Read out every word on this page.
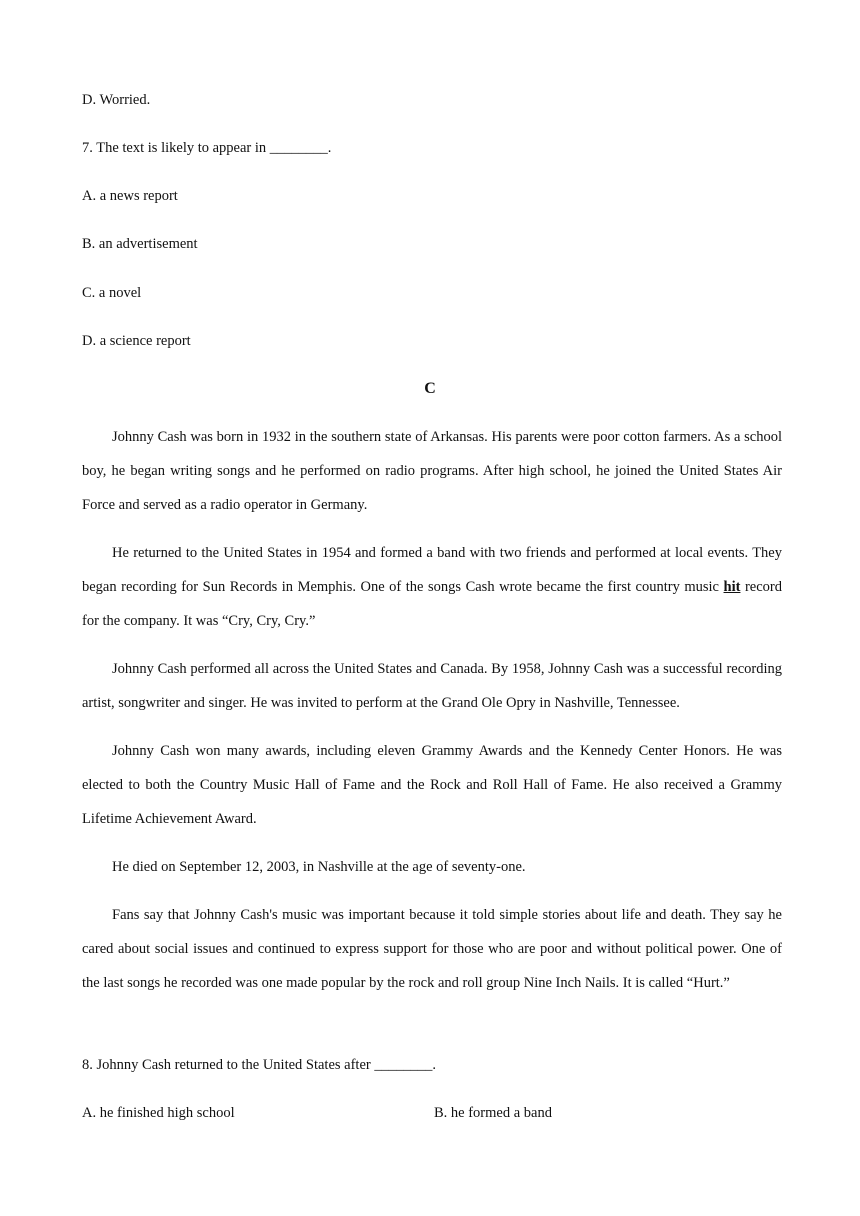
D. Worried.
7. The text is likely to appear in ________.
A. a news report
B. an advertisement
C. a novel
D. a science report
C

Johnny Cash was born in 1932 in the southern state of Arkansas. His parents were poor cotton farmers. As a school boy, he began writing songs and he performed on radio programs. After high school, he joined the United States Air Force and served as a radio operator in Germany.

He returned to the United States in 1954 and formed a band with two friends and performed at local events. They began recording for Sun Records in Memphis. One of the songs Cash wrote became the first country music hit record for the company. It was “Cry, Cry, Cry.”

Johnny Cash performed all across the United States and Canada. By 1958, Johnny Cash was a successful recording artist, songwriter and singer. He was invited to perform at the Grand Ole Opry in Nashville, Tennessee.

Johnny Cash won many awards, including eleven Grammy Awards and the Kennedy Center Honors. He was elected to both the Country Music Hall of Fame and the Rock and Roll Hall of Fame. He also received a Grammy Lifetime Achievement Award.

He died on September 12, 2003, in Nashville at the age of seventy-one.

Fans say that Johnny Cash's music was important because it told simple stories about life and death. They say he cared about social issues and continued to express support for those who are poor and without political power. One of the last songs he recorded was one made popular by the rock and roll group Nine Inch Nails. It is called “Hurt.”

8. Johnny Cash returned to the United States after ________.
A. he finished high school	B. he formed a band
